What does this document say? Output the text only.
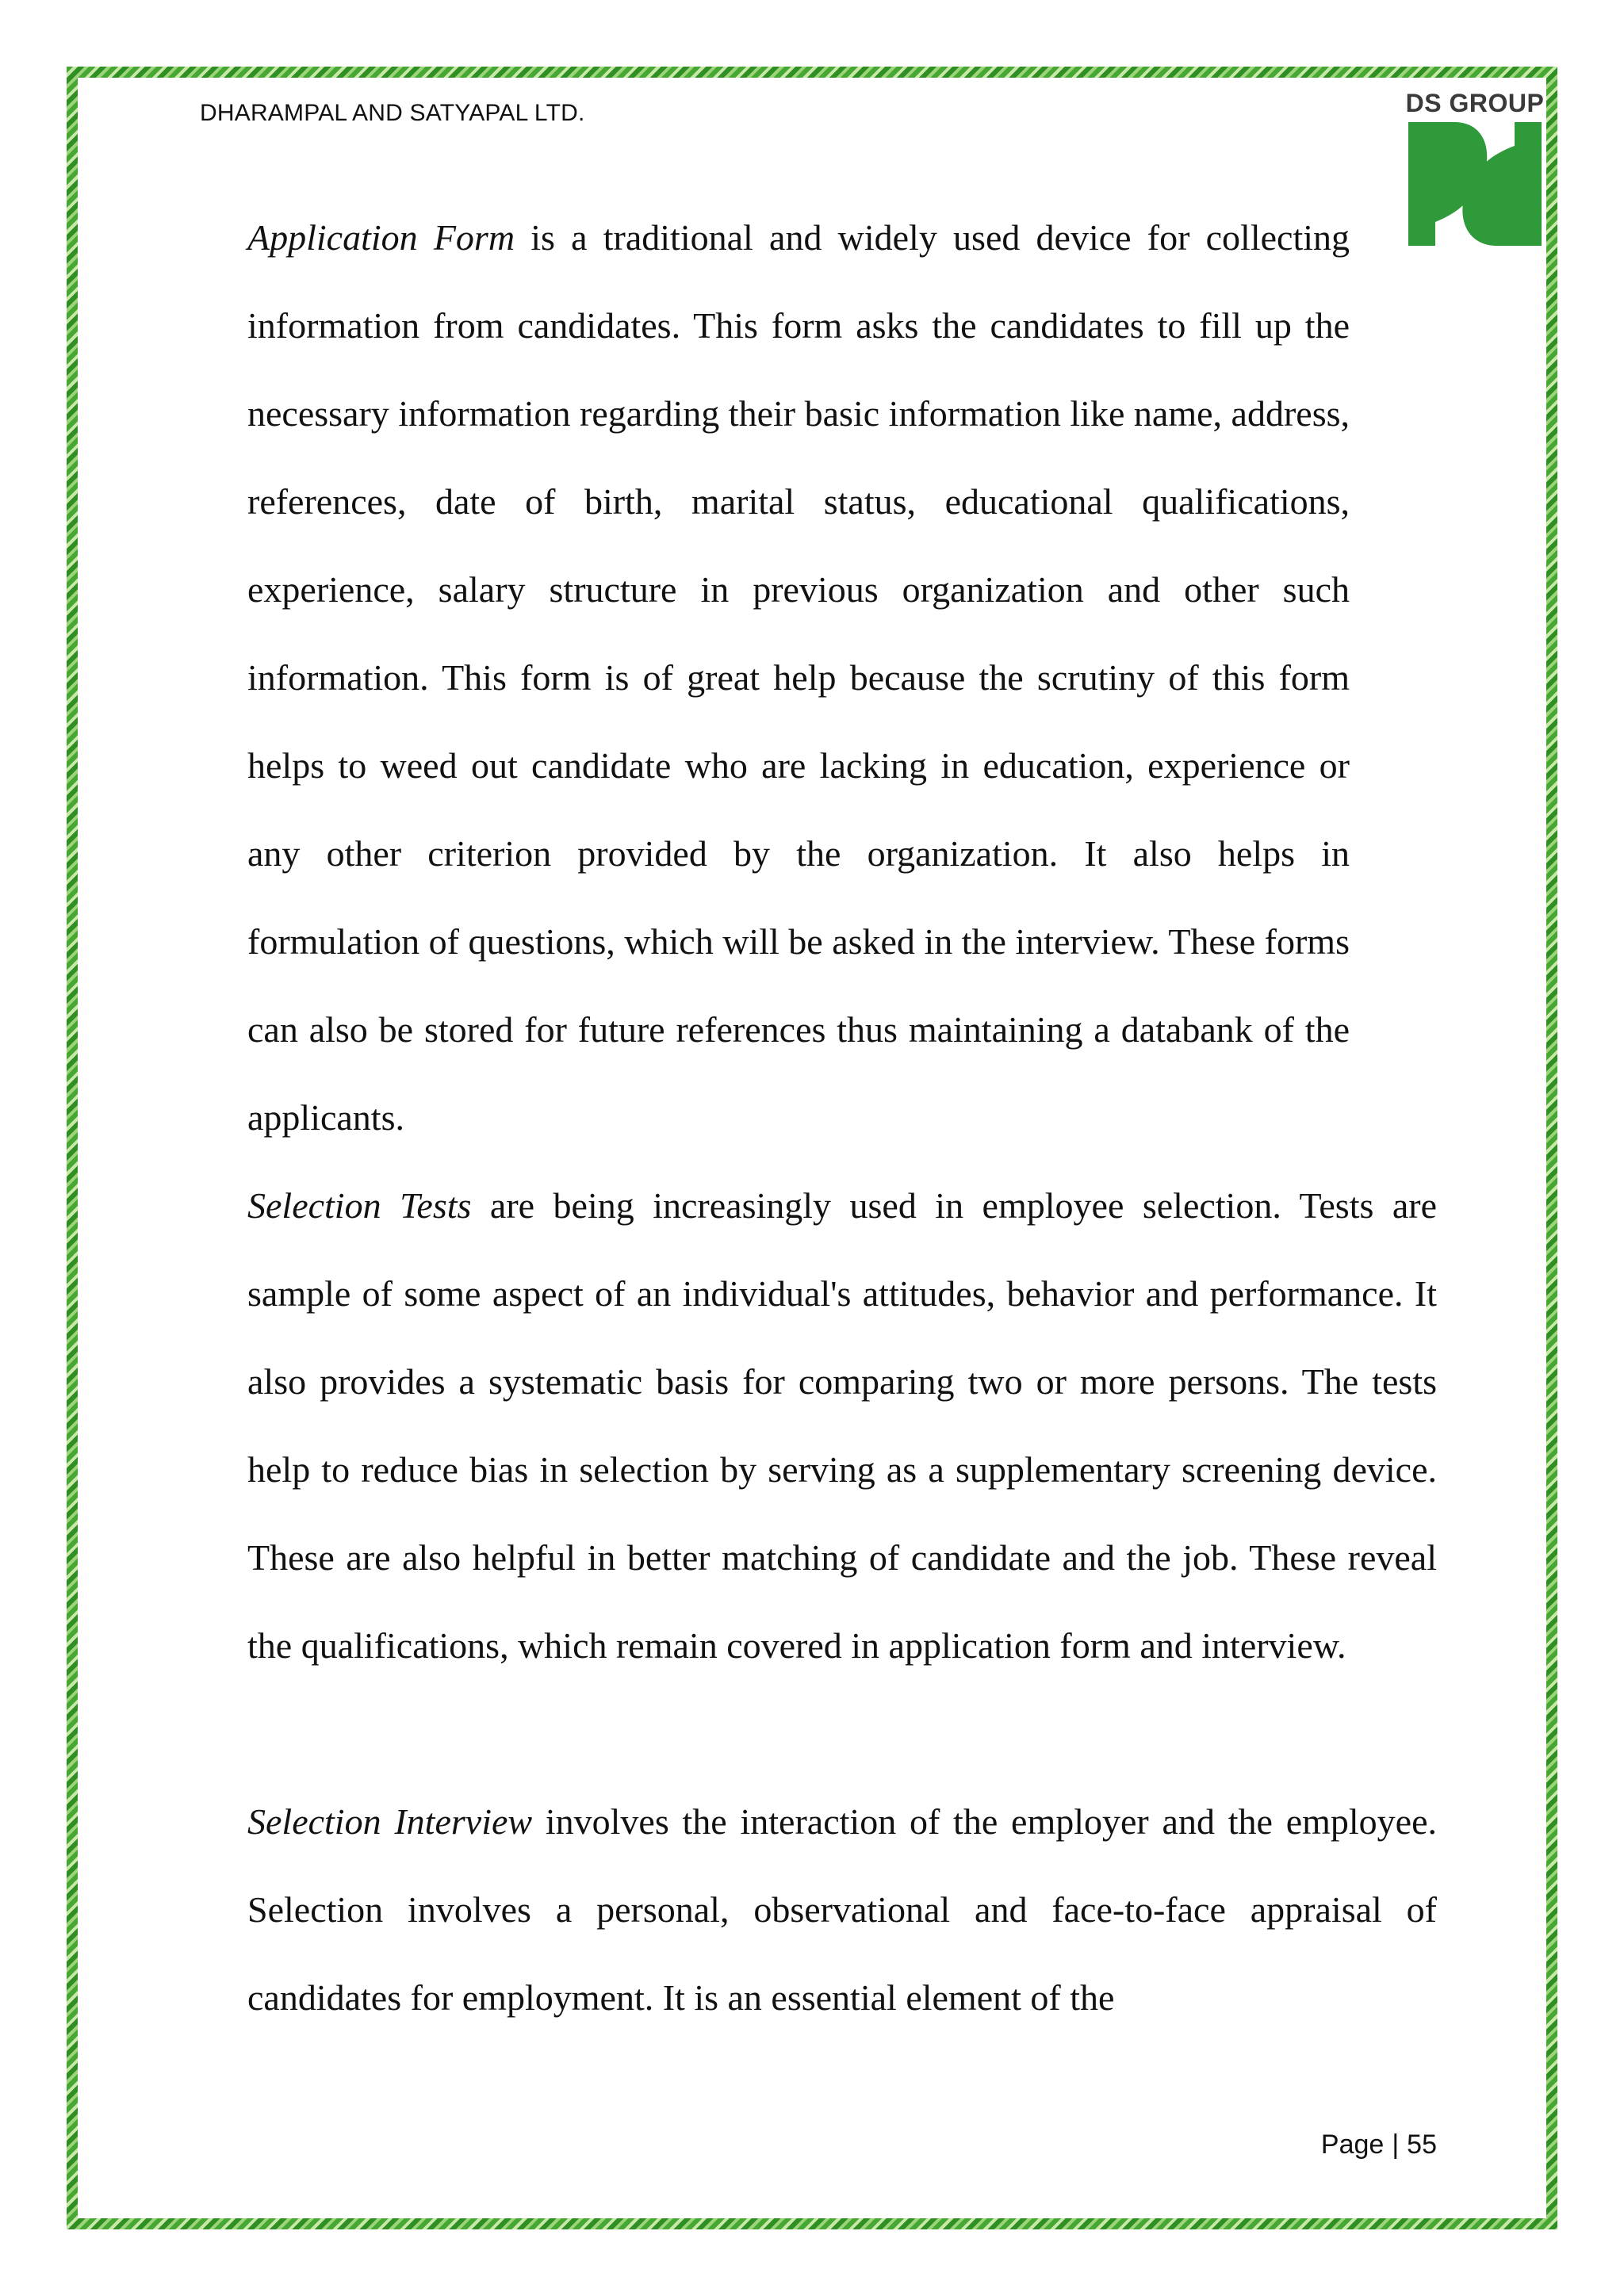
DHARAMPAL AND SATYAPAL LTD.	DS GROUP

Application Form is a traditional and widely used device for collecting information from candidates. This form asks the candidates to fill up the necessary information regarding their basic information like name, address, references, date of birth, marital status, educational qualifications, experience, salary structure in previous organization and other such information. This form is of great help because the scrutiny of this form helps to weed out candidate who are lacking in education, experience or any other criterion provided by the organization. It also helps in formulation of questions, which will be asked in the interview. These forms can also be stored for future references thus maintaining a databank of the applicants.

Selection Tests are being increasingly used in employee selection. Tests are sample of some aspect of an individual's attitudes, behavior and performance. It also provides a systematic basis for comparing two or more persons. The tests help to reduce bias in selection by serving as a supplementary screening device. These are also helpful in better matching of candidate and the job. These reveal the qualifications, which remain covered in application form and interview.

Selection Interview involves the interaction of the employer and the employee. Selection involves a personal, observational and face-to-face appraisal of candidates for employment. It is an essential element of the

Page | 55
